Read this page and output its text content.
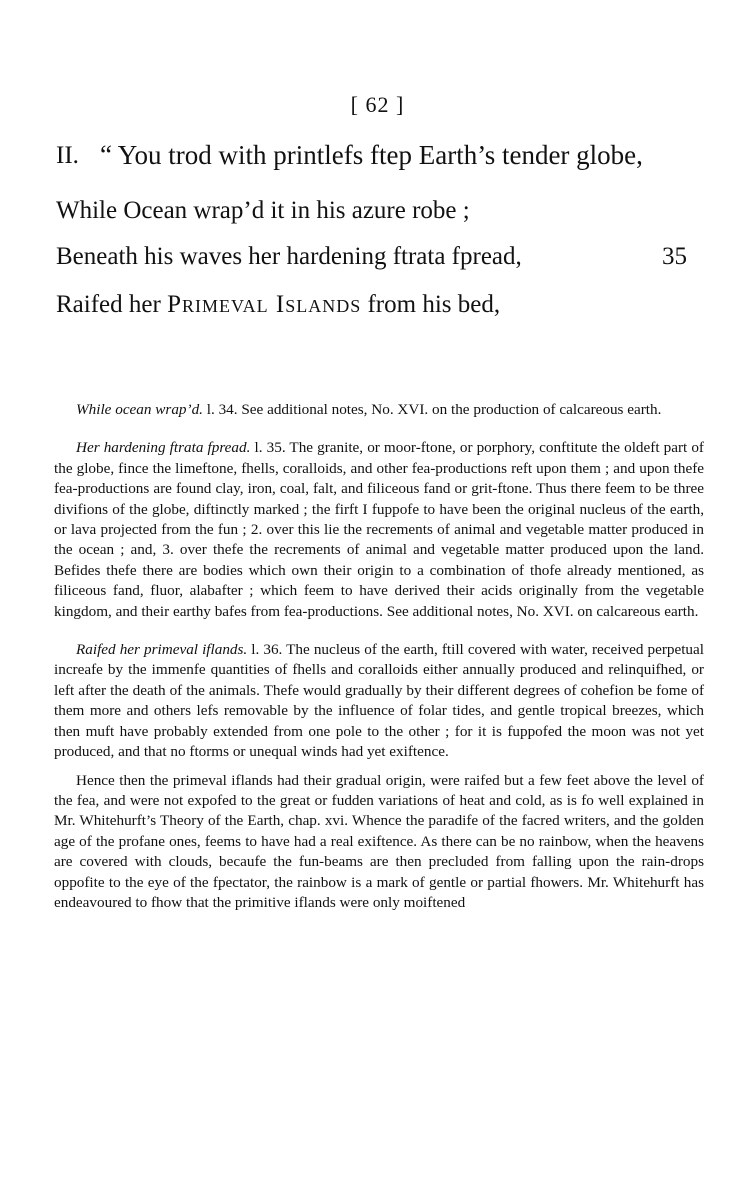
[ 62 ]
II. “ You trod with printlefs ftep Earth’s tender globe,
While Ocean wrap’d it in his azure robe ;
Beneath his waves her hardening ftrata fpread,	35
Raifed her Primeval Islands from his bed,

While ocean wrap’d. l. 34. See additional notes, No. XVI. on the production of calcareous earth.

Her hardening ftrata fpread. l. 35. The granite, or moor-ftone, or porphory, conftitute the oldeft part of the globe, fince the limeftone, fhells, coralloids, and other fea-productions reft upon them ; and upon thefe fea-productions are found clay, iron, coal, falt, and filiceous fand or grit-ftone. Thus there feem to be three divifions of the globe, diftinctly marked ; the firft I fuppofe to have been the original nucleus of the earth, or lava projected from the fun ; 2. over this lie the recrements of animal and vegetable matter produced in the ocean ; and, 3. over thefe the recrements of animal and vegetable matter produced upon the land. Befides thefe there are bodies which own their origin to a combination of thofe already mentioned, as filiceous fand, fluor, alabafter ; which feem to have derived their acids originally from the vegetable kingdom, and their earthy bafes from fea-productions. See additional notes, No. XVI. on calcareous earth.

Raifed her primeval iflands. l. 36. The nucleus of the earth, ftill covered with water, received perpetual increafe by the immenfe quantities of fhells and coralloids either annually produced and relinquifhed, or left after the death of the animals. Thefe would gradually by their different degrees of cohefion be fome of them more and others lefs removable by the influence of folar tides, and gentle tropical breezes, which then muft have probably extended from one pole to the other ; for it is fuppofed the moon was not yet produced, and that no ftorms or unequal winds had yet exiftence.

Hence then the primeval iflands had their gradual origin, were raifed but a few feet above the level of the fea, and were not expofed to the great or fudden variations of heat and cold, as is fo well explained in Mr. Whitehurft’s Theory of the Earth, chap. xvi. Whence the paradife of the facred writers, and the golden age of the profane ones, feems to have had a real exiftence. As there can be no rainbow, when the heavens are covered with clouds, becaufe the fun-beams are then precluded from falling upon the rain-drops oppofite to the eye of the fpectator, the rainbow is a mark of gentle or partial fhowers. Mr. Whitehurft has endeavoured to fhow that the primitive iflands were only moiftened
